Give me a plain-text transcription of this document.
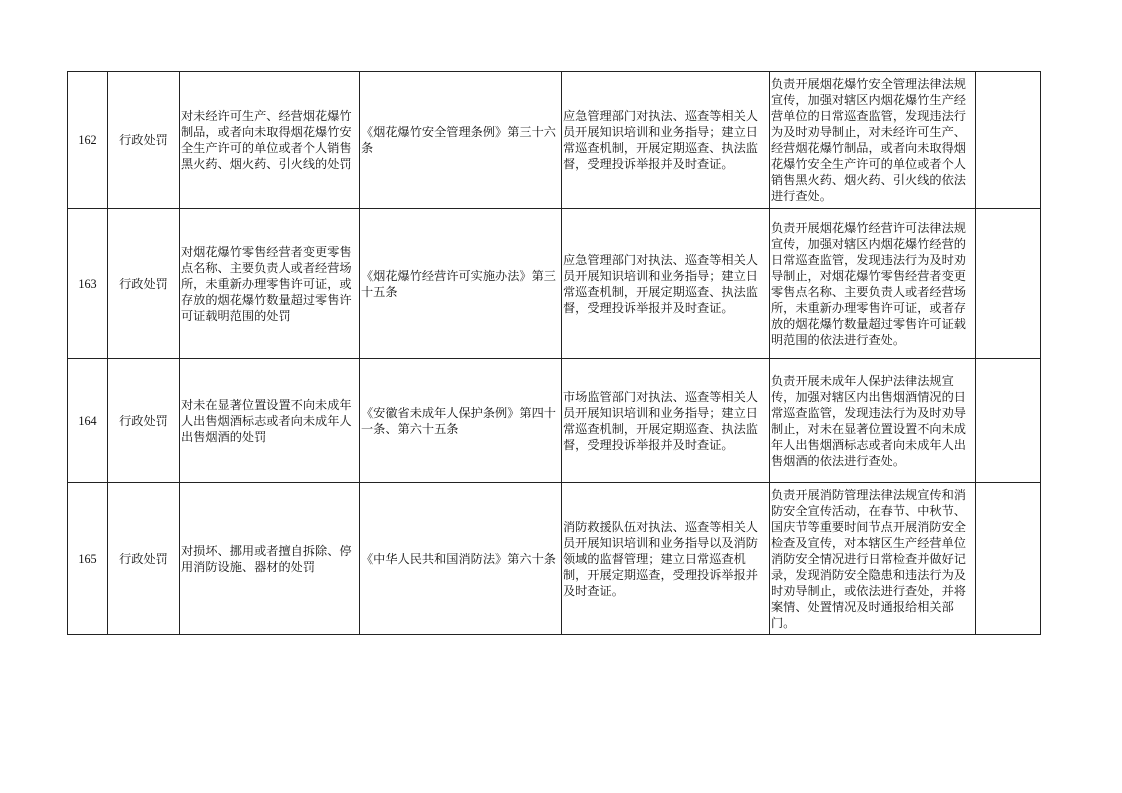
162	行政处罚	对未经许可生产、经营烟花爆竹制品，或者向未取得烟花爆竹安全生产许可的单位或者个人销售黑火药、烟火药、引火线的处罚	《烟花爆竹安全管理条例》第三十六条	应急管理部门对执法、巡查等相关人员开展知识培训和业务指导；建立日常巡查机制，开展定期巡查、执法监督，受理投诉举报并及时查证。	负责开展烟花爆竹安全管理法律法规宣传，加强对辖区内烟花爆竹生产经营单位的日常巡查监管，发现违法行为及时劝导制止，对未经许可生产、经营烟花爆竹制品，或者向未取得烟花爆竹安全生产许可的单位或者个人销售黑火药、烟火药、引火线的依法进行查处。	
163	行政处罚	对烟花爆竹零售经营者变更零售点名称、主要负责人或者经营场所，未重新办理零售许可证，或存放的烟花爆竹数量超过零售许可证载明范围的处罚	《烟花爆竹经营许可实施办法》第三十五条	应急管理部门对执法、巡查等相关人员开展知识培训和业务指导；建立日常巡查机制，开展定期巡查、执法监督，受理投诉举报并及时查证。	负责开展烟花爆竹经营许可法律法规宣传，加强对辖区内烟花爆竹经营的日常巡查监管，发现违法行为及时劝导制止，对烟花爆竹零售经营者变更零售点名称、主要负责人或者经营场所，未重新办理零售许可证，或者存放的烟花爆竹数量超过零售许可证载明范围的依法进行查处。	
164	行政处罚	对未在显著位置设置不向未成年人出售烟酒标志或者向未成年人出售烟酒的处罚	《安徽省未成年人保护条例》第四十一条、第六十五条	市场监管部门对执法、巡查等相关人员开展知识培训和业务指导；建立日常巡查机制，开展定期巡查、执法监督，受理投诉举报并及时查证。	负责开展未成年人保护法律法规宣传，加强对辖区内出售烟酒情况的日常巡查监管，发现违法行为及时劝导制止，对未在显著位置设置不向未成年人出售烟酒标志或者向未成年人出售烟酒的依法进行查处。	
165	行政处罚	对损坏、挪用或者擅自拆除、停用消防设施、器材的处罚	《中华人民共和国消防法》第六十条	消防救援队伍对执法、巡查等相关人员开展知识培训和业务指导以及消防领域的监督管理；建立日常巡查机制，开展定期巡查，受理投诉举报并及时查证。	负责开展消防管理法律法规宣传和消防安全宣传活动，在春节、中秋节、国庆节等重要时间节点开展消防安全检查及宣传，对本辖区生产经营单位消防安全情况进行日常检查并做好记录，发现消防安全隐患和违法行为及时劝导制止，或依法进行查处，并将案情、处置情况及时通报给相关部门。	
